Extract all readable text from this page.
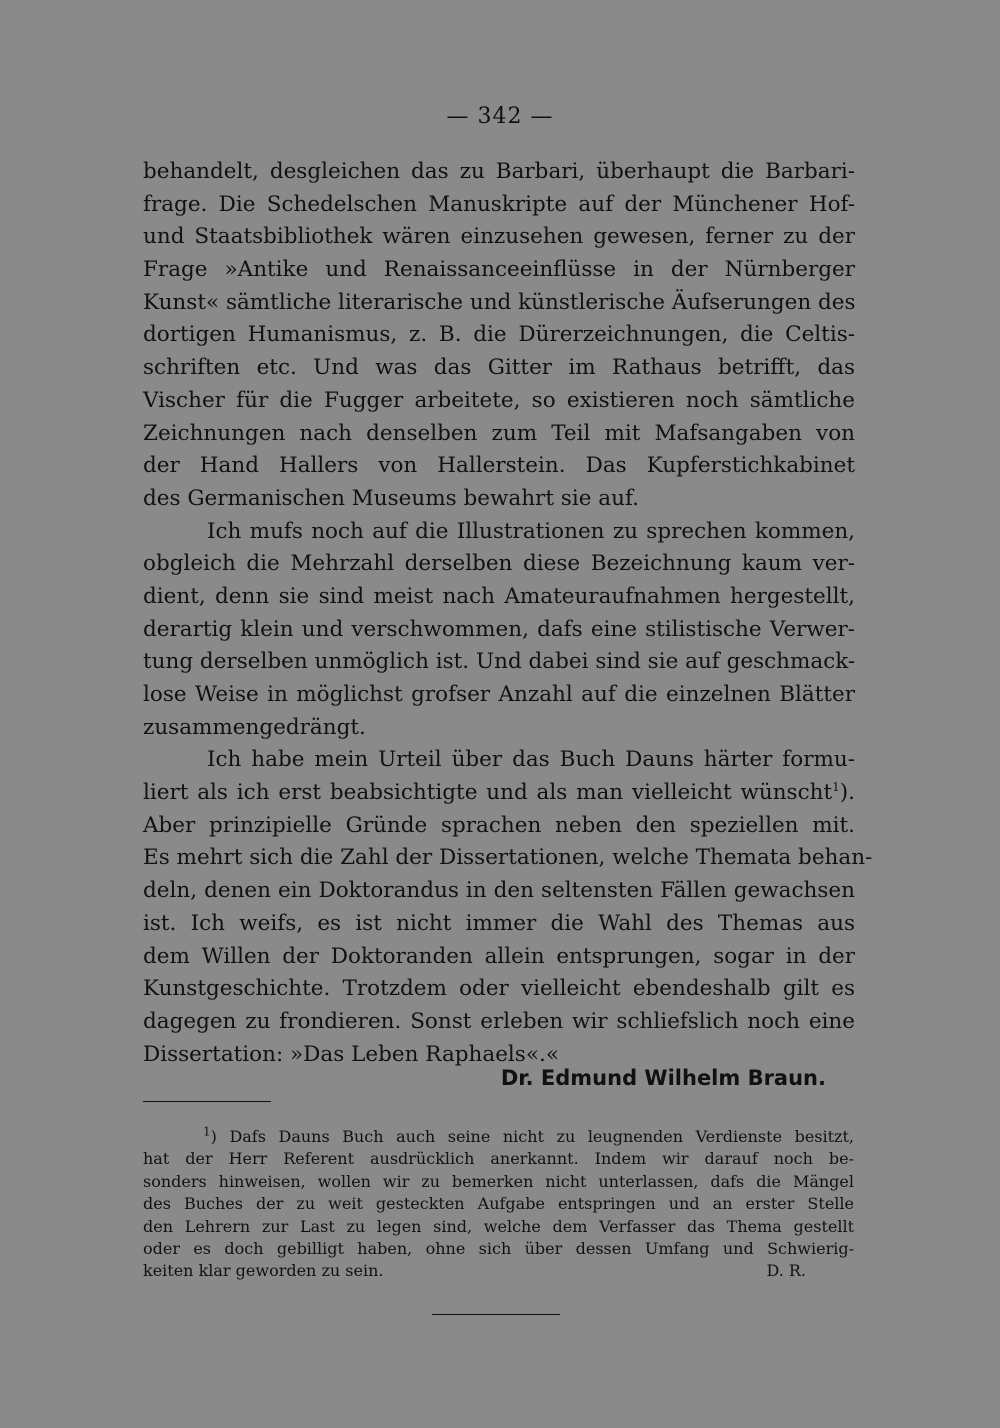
— 342 —
behandelt, desgleichen das zu Barbari, überhaupt die Barbari-
frage. Die Schedelschen Manuskripte auf der Münchener Hof-
und Staatsbibliothek wären einzusehen gewesen, ferner zu der
Frage »Antike und Renaissanceeinflüsse in der Nürnberger
Kunst« sämtliche literarische und künstlerische Äufserungen des
dortigen Humanismus, z. B. die Dürerzeichnungen, die Celtis-
schriften etc. Und was das Gitter im Rathaus betrifft, das
Vischer für die Fugger arbeitete, so existieren noch sämtliche
Zeichnungen nach denselben zum Teil mit Mafsangaben von
der Hand Hallers von Hallerstein. Das Kupferstichkabinet
des Germanischen Museums bewahrt sie auf.
Ich mufs noch auf die Illustrationen zu sprechen kommen,
obgleich die Mehrzahl derselben diese Bezeichnung kaum ver-
dient, denn sie sind meist nach Amateuraufnahmen hergestellt,
derartig klein und verschwommen, dafs eine stilistische Verwer-
tung derselben unmöglich ist. Und dabei sind sie auf geschmack-
lose Weise in möglichst grofser Anzahl auf die einzelnen Blätter
zusammengedrängt.
Ich habe mein Urteil über das Buch Dauns härter formu-
liert als ich erst beabsichtigte und als man vielleicht wünscht$^1$).
Aber prinzipielle Gründe sprachen neben den speziellen mit.
Es mehrt sich die Zahl der Dissertationen, welche Themata behan-
deln, denen ein Doktorandus in den seltensten Fällen gewachsen
ist. Ich weifs, es ist nicht immer die Wahl des Themas aus
dem Willen der Doktoranden allein entsprungen, sogar in der
Kunstgeschichte. Trotzdem oder vielleicht ebendeshalb gilt es
dagegen zu frondieren. Sonst erleben wir schliefslich noch eine
Dissertation: »Das Leben Raphaels«.«
Dr. Edmund Wilhelm Braun.
$^1$) Dafs Dauns Buch auch seine nicht zu leugnenden Verdienste besitzt,
hat der Herr Referent ausdrücklich anerkannt. Indem wir darauf noch be-
sonders hinweisen, wollen wir zu bemerken nicht unterlassen, dafs die Mängel
des Buches der zu weit gesteckten Aufgabe entspringen und an erster Stelle
den Lehrern zur Last zu legen sind, welche dem Verfasser das Thema gestellt
oder es doch gebilligt haben, ohne sich über dessen Umfang und Schwierig-
keiten klar geworden zu sein.	D. R.
